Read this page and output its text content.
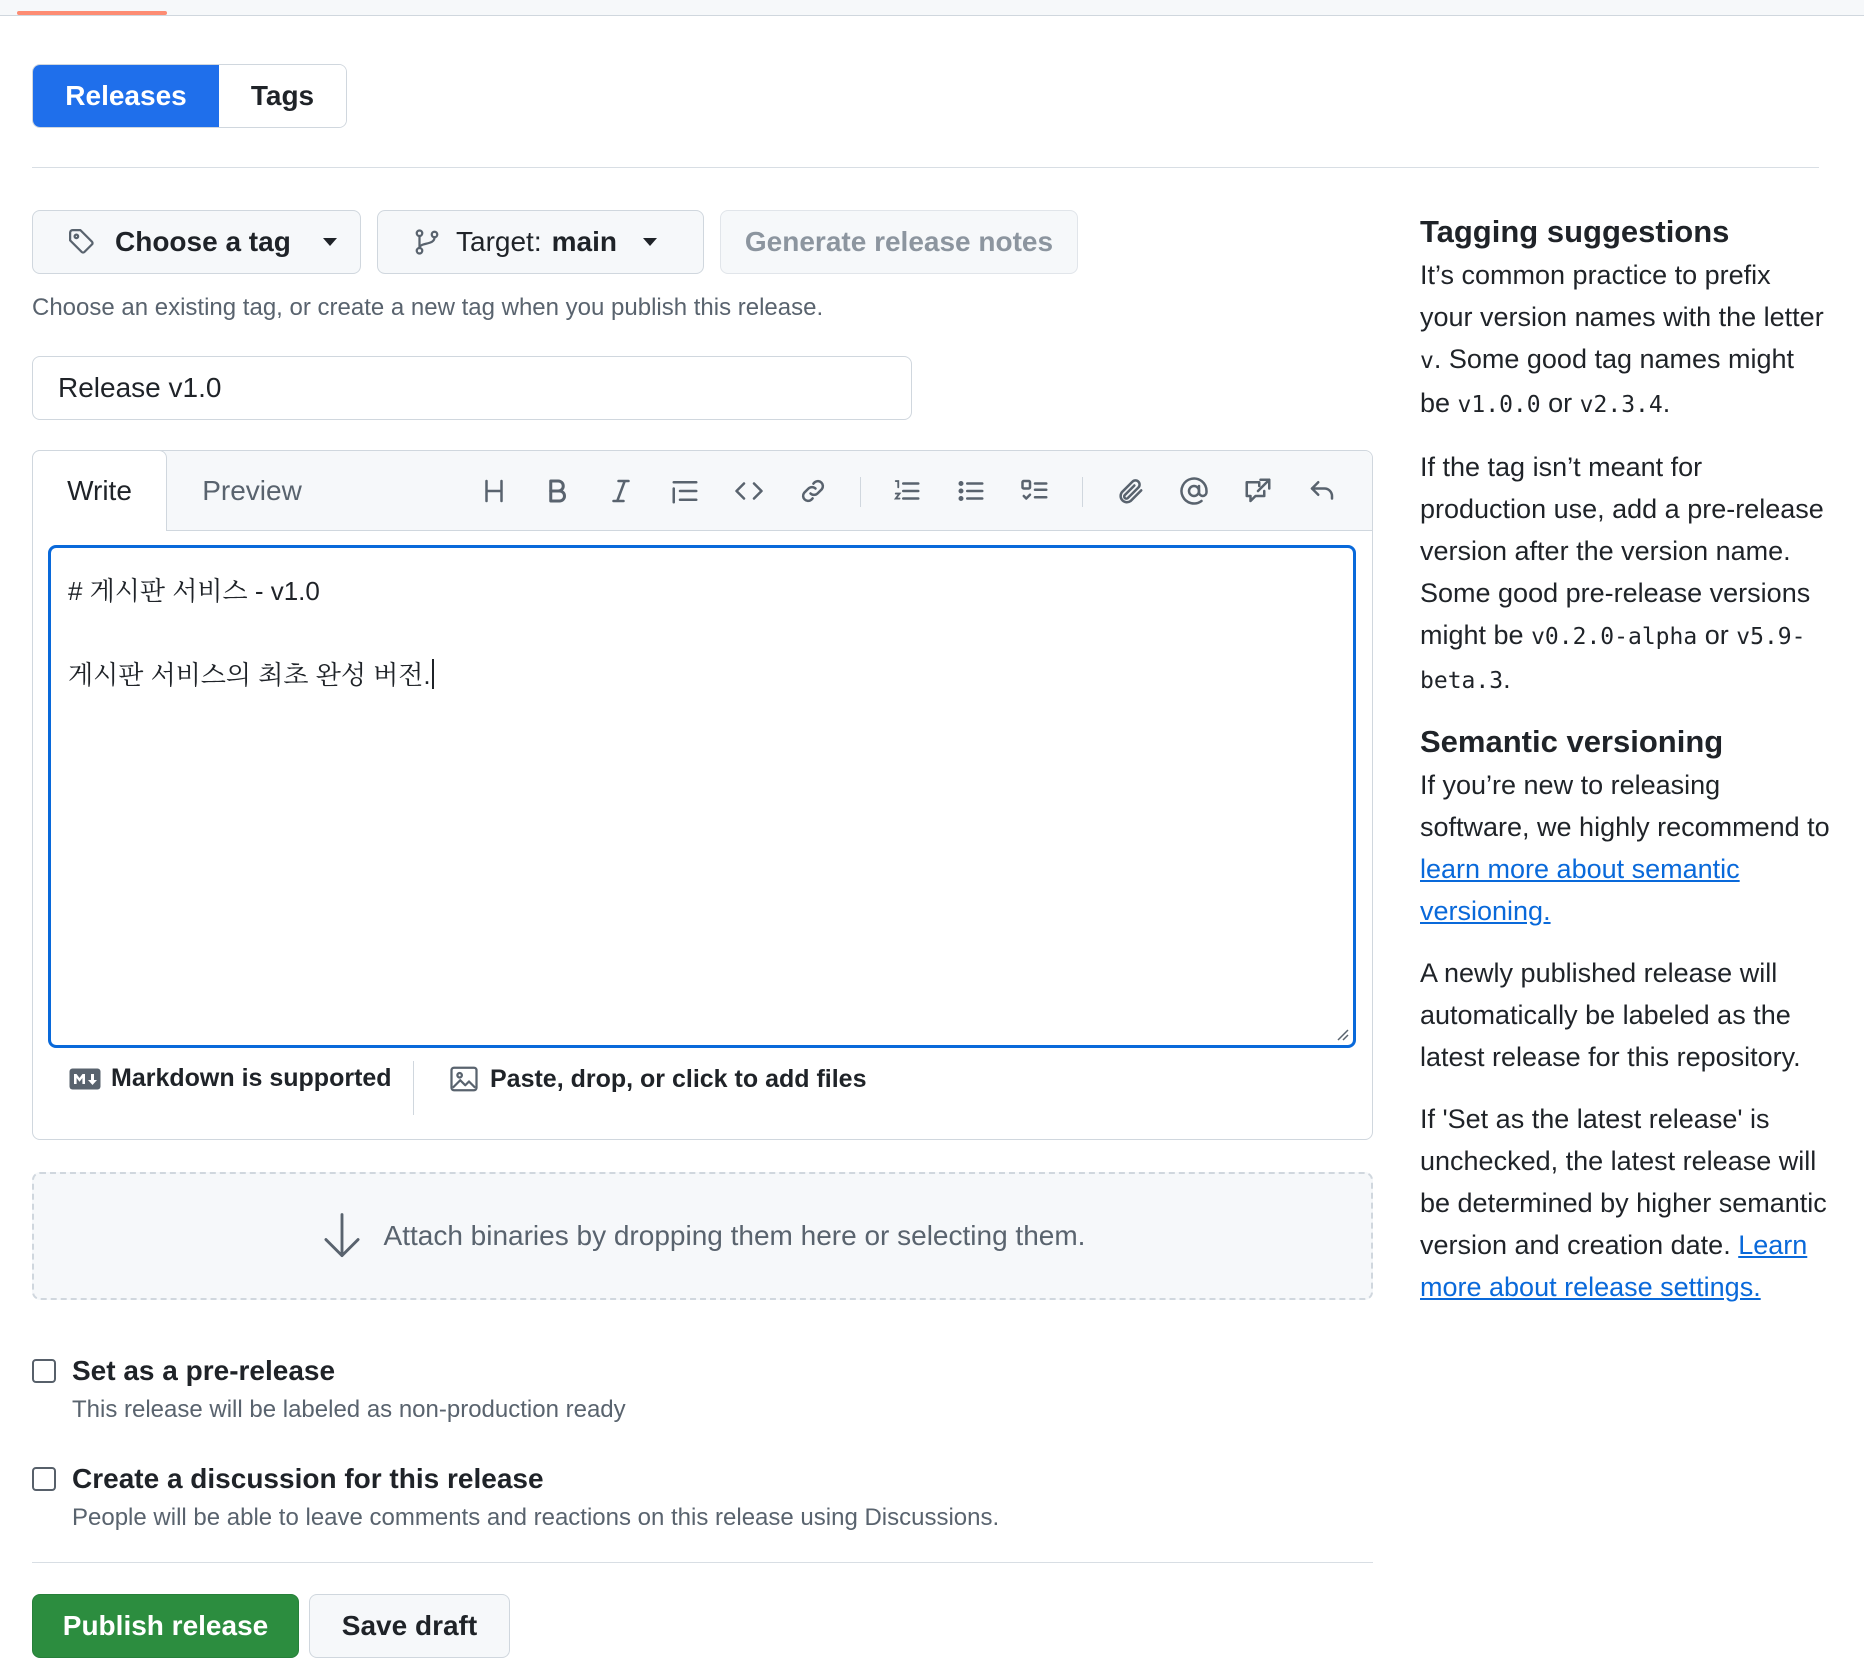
Releases	Tags
Choose a tag	Target: main	Generate release notes
Choose an existing tag, or create a new tag when you publish this release.
Release v1.0
Write	Preview
# 게시판 서비스 - v1.0
게시판 서비스의 최초 완성 버전.
Markdown is supported	Paste, drop, or click to add files
Attach binaries by dropping them here or selecting them.
Set as a pre-release
This release will be labeled as non-production ready
Create a discussion for this release
People will be able to leave comments and reactions on this release using Discussions.
Publish release	Save draft
Tagging suggestions

It’s common practice to prefix your version names with the letter v. Some good tag names might be v1.0.0 or v2.3.4.

If the tag isn’t meant for production use, add a pre-release version after the version name. Some good pre-release versions might be v0.2.0-alpha or v5.9-beta.3.

Semantic versioning

If you’re new to releasing software, we highly recommend to learn more about semantic versioning.

A newly published release will automatically be labeled as the latest release for this repository.

If 'Set as the latest release' is unchecked, the latest release will be determined by higher semantic version and creation date. Learn more about release settings.
